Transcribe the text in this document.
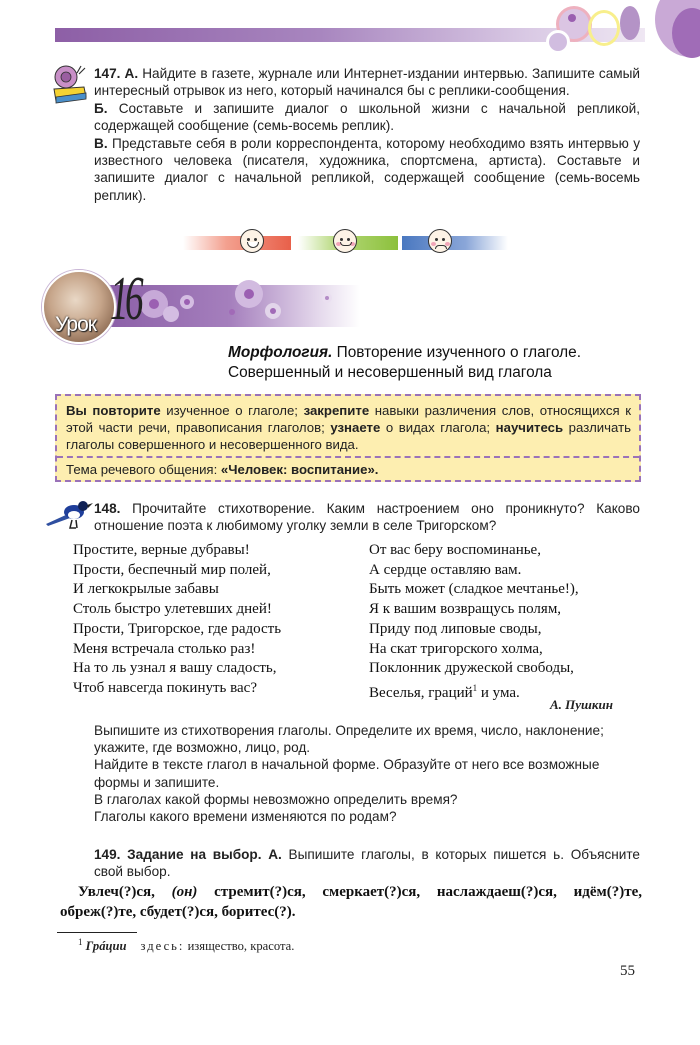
147. А. Найдите в газете, журнале или Интернет-издании интервью. Запишите самый интересный отрывок из него, который начинался бы с реплики-сообщения.
Б. Составьте и запишите диалог о школьной жизни с начальной репликой, содержащей сообщение (семь-восемь реплик).
В. Представьте себя в роли корреспондента, которому необходимо взять интервью у известного человека (писателя, художника, спортсмена, артиста). Составьте и запишите диалог с начальной репликой, содержащей сообщение (семь-восемь реплик).
Урок 16
Морфология. Повторение изученного о глаголе.
Совершенный и несовершенный вид глагола
Вы повторите изученное о глаголе; закрепите навыки различения слов, относящихся к этой части речи, правописания глаголов; узнаете о видах глагола; научитесь различать глаголы совершенного и несовершенного вида.
Тема речевого общения: «Человек: воспитание».
148. Прочитайте стихотворение. Каким настроением оно проникнуто? Каково отношение поэта к любимому уголку земли в селе Тригорском?
Простите, верные дубравы!
Прости, беспечный мир полей,
И легкокрылые забавы
Столь быстро улетевших дней!
Прости, Тригорское, где радость
Меня встречала столько раз!
На то ль узнал я вашу сладость,
Чтоб навсегда покинуть вас?
От вас беру воспоминанье,
А сердце оставляю вам.
Быть может (сладкое мечтанье!),
Я к вашим возвращусь полям,
Приду под липовые своды,
На скат тригорского холма,
Поклонник дружеской свободы,
Веселья, граций$^1$ и ума.
А. Пушкин
Выпишите из стихотворения глаголы. Определите их время, число, наклонение; укажите, где возможно, лицо, род.
Найдите в тексте глагол в начальной форме. Образуйте от него все возможные формы и запишите.
В глаголах какой формы невозможно определить время?
Глаголы какого времени изменяются по родам?
149. Задание на выбор. А. Выпишите глаголы, в которых пишется ь. Объясните свой выбор.
Увлеч(?)ся, (он) стремит(?)ся, смеркает(?)ся, наслаждаеш(?)ся, идём(?)те, обреж(?)те, сбудет(?)ся, боритес(?).
$^1$ Грáции здесь: изящество, красота.
55
